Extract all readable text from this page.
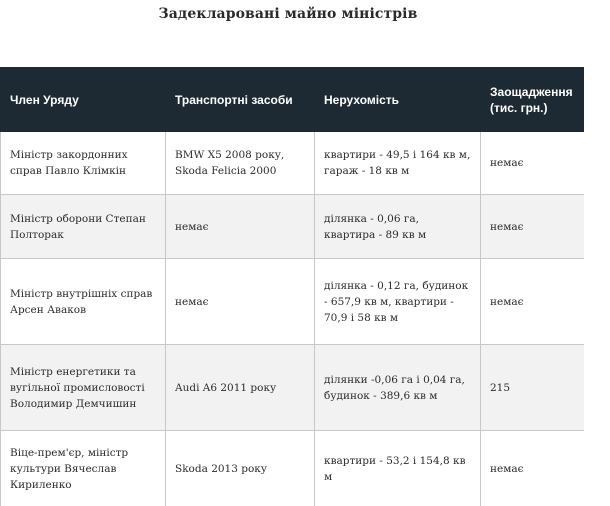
Задекларовані майно міністрів
Член Уряду	Транспортні засоби	Нерухомість	Заощадження (тис. грн.)
Міністр закордонних справ Павло Клімкін	BMW X5 2008 року, Skoda Felicia 2000	квартири - 49,5 і 164 кв м, гараж - 18 кв м	немає
Міністр оборони Степан Полторак	немає	ділянка - 0,06 га, квартира - 89 кв м	немає
Міністр внутрішніх справ Арсен Аваков	немає	ділянка - 0,12 га, будинок - 657,9 кв м, квартири - 70,9 і 58 кв м	немає
Міністр енергетики та вугільної промисловості Володимир Демчишин	Audi A6 2011 року	ділянки -0,06 га і 0,04 га, будинок - 389,6 кв м	215
Віце-прем'єр, міністр культури Вячеслав Кириленко	Skoda 2013 року	квартири - 53,2 і 154,8 кв м	немає
